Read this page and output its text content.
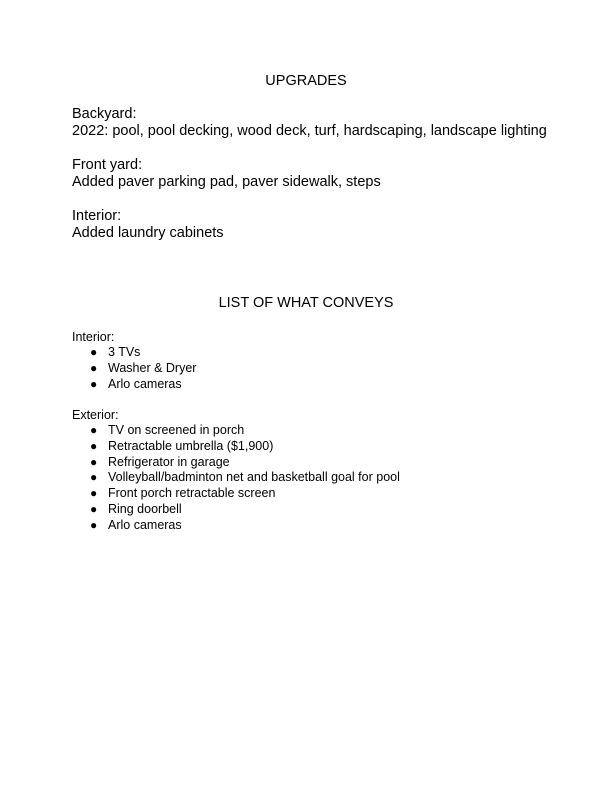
UPGRADES
Backyard:
2022: pool, pool decking, wood deck, turf, hardscaping, landscape lighting
Front yard:
Added paver parking pad, paver sidewalk, steps
Interior:
Added laundry cabinets
LIST OF WHAT CONVEYS
Interior:
● 3 TVs
● Washer & Dryer
● Arlo cameras
Exterior:
● TV on screened in porch
● Retractable umbrella ($1,900)
● Refrigerator in garage
● Volleyball/badminton net and basketball goal for pool
● Front porch retractable screen
● Ring doorbell
● Arlo cameras
